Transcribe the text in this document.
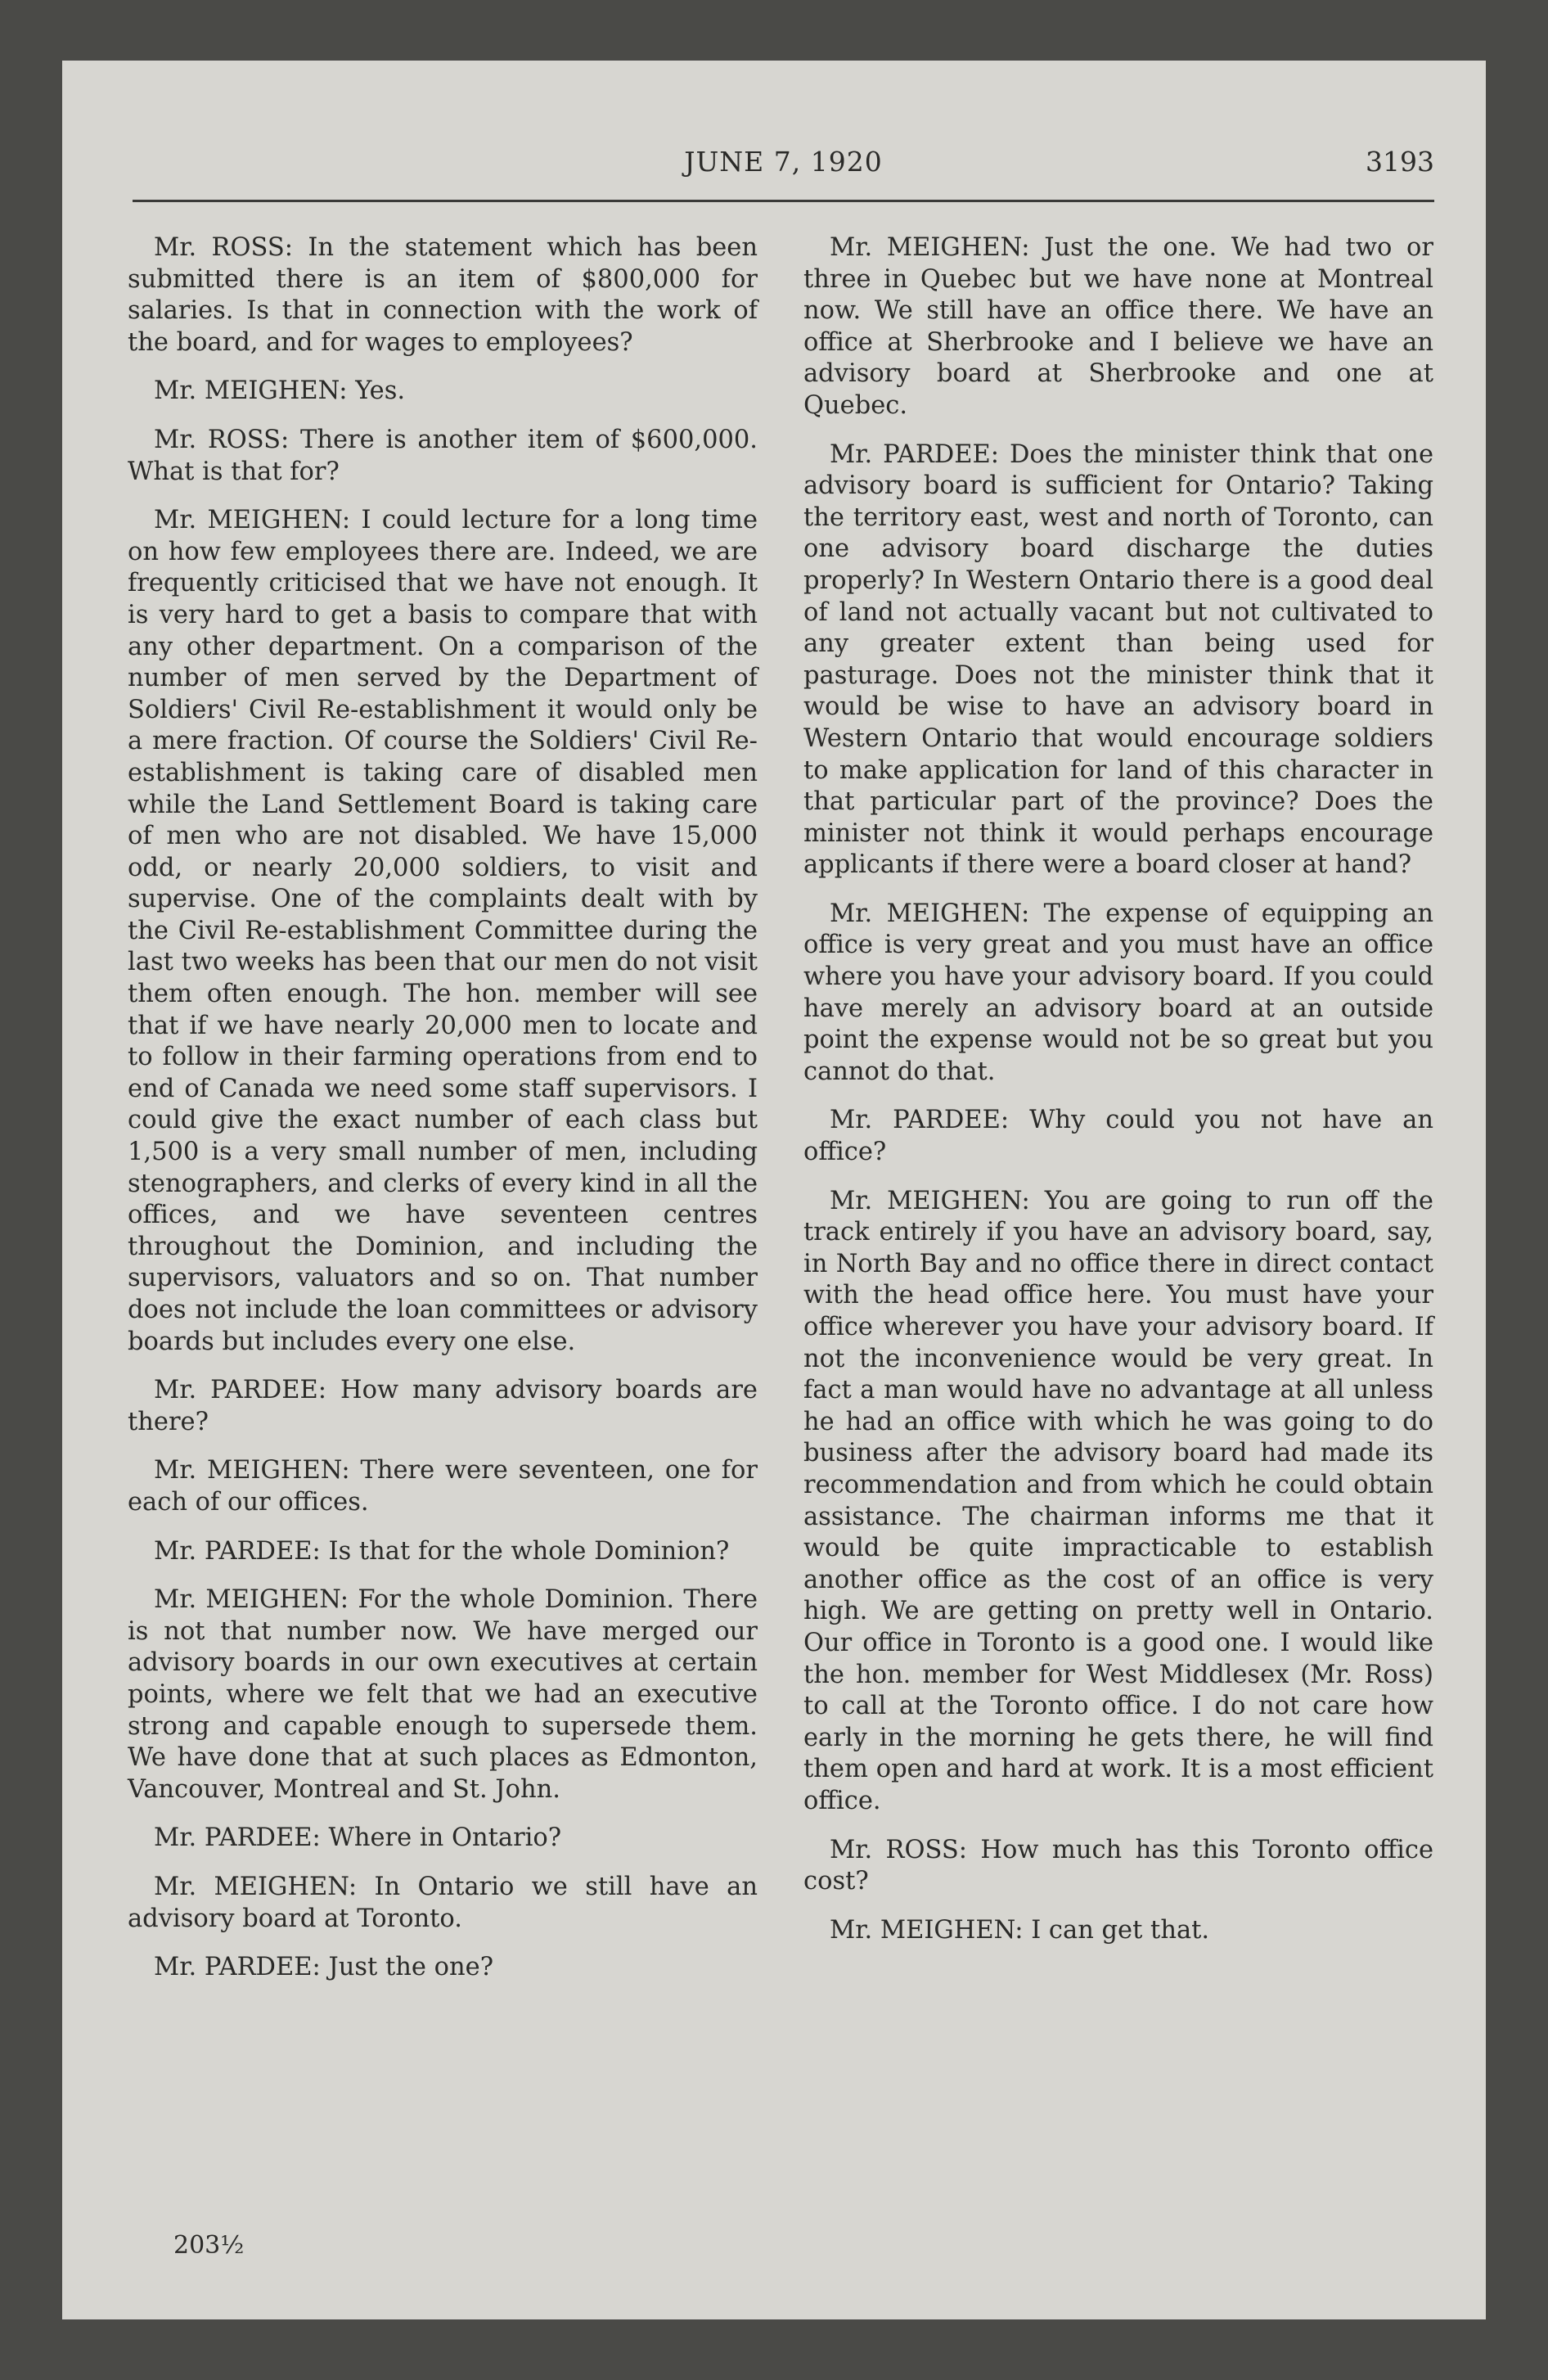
JUNE 7, 1920	3193

Mr. ROSS: In the statement which has been submitted there is an item of $800,000 for salaries. Is that in connection with the work of the board, and for wages to employees?

Mr. MEIGHEN: Yes.

Mr. ROSS: There is another item of $600,000. What is that for?

Mr. MEIGHEN: I could lecture for a long time on how few employees there are. Indeed, we are frequently criticised that we have not enough. It is very hard to get a basis to compare that with any other department. On a comparison of the number of men served by the Department of Soldiers' Civil Re-establishment it would only be a mere fraction. Of course the Soldiers' Civil Re-establishment is taking care of disabled men while the Land Settlement Board is taking care of men who are not disabled. We have 15,000 odd, or nearly 20,000 soldiers, to visit and supervise. One of the complaints dealt with by the Civil Re-establishment Committee during the last two weeks has been that our men do not visit them often enough. The hon. member will see that if we have nearly 20,000 men to locate and to follow in their farming operations from end to end of Canada we need some staff supervisors. I could give the exact number of each class but 1,500 is a very small number of men, including stenographers, and clerks of every kind in all the offices, and we have seventeen centres throughout the Dominion, and including the supervisors, valuators and so on. That number does not include the loan committees or advisory boards but includes every one else.

Mr. PARDEE: How many advisory boards are there?

Mr. MEIGHEN: There were seventeen, one for each of our offices.

Mr. PARDEE: Is that for the whole Dominion?

Mr. MEIGHEN: For the whole Dominion. There is not that number now. We have merged our advisory boards in our own executives at certain points, where we felt that we had an executive strong and capable enough to supersede them. We have done that at such places as Edmonton, Vancouver, Montreal and St. John.

Mr. PARDEE: Where in Ontario?

Mr. MEIGHEN: In Ontario we still have an advisory board at Toronto.

Mr. PARDEE: Just the one?

Mr. MEIGHEN: Just the one. We had two or three in Quebec but we have none at Montreal now. We still have an office there. We have an office at Sherbrooke and I believe we have an advisory board at Sherbrooke and one at Quebec.

Mr. PARDEE: Does the minister think that one advisory board is sufficient for Ontario? Taking the territory east, west and north of Toronto, can one advisory board discharge the duties properly? In Western Ontario there is a good deal of land not actually vacant but not cultivated to any greater extent than being used for pasturage. Does not the minister think that it would be wise to have an advisory board in Western Ontario that would encourage soldiers to make application for land of this character in that particular part of the province? Does the minister not think it would perhaps encourage applicants if there were a board closer at hand?

Mr. MEIGHEN: The expense of equipping an office is very great and you must have an office where you have your advisory board. If you could have merely an advisory board at an outside point the expense would not be so great but you cannot do that.

Mr. PARDEE: Why could you not have an office?

Mr. MEIGHEN: You are going to run off the track entirely if you have an advisory board, say, in North Bay and no office there in direct contact with the head office here. You must have your office wherever you have your advisory board. If not the inconvenience would be very great. In fact a man would have no advantage at all unless he had an office with which he was going to do business after the advisory board had made its recommendation and from which he could obtain assistance. The chairman informs me that it would be quite impracticable to establish another office as the cost of an office is very high. We are getting on pretty well in Ontario. Our office in Toronto is a good one. I would like the hon. member for West Middlesex (Mr. Ross) to call at the Toronto office. I do not care how early in the morning he gets there, he will find them open and hard at work. It is a most efficient office.

Mr. ROSS: How much has this Toronto office cost?

Mr. MEIGHEN: I can get that.

203½
